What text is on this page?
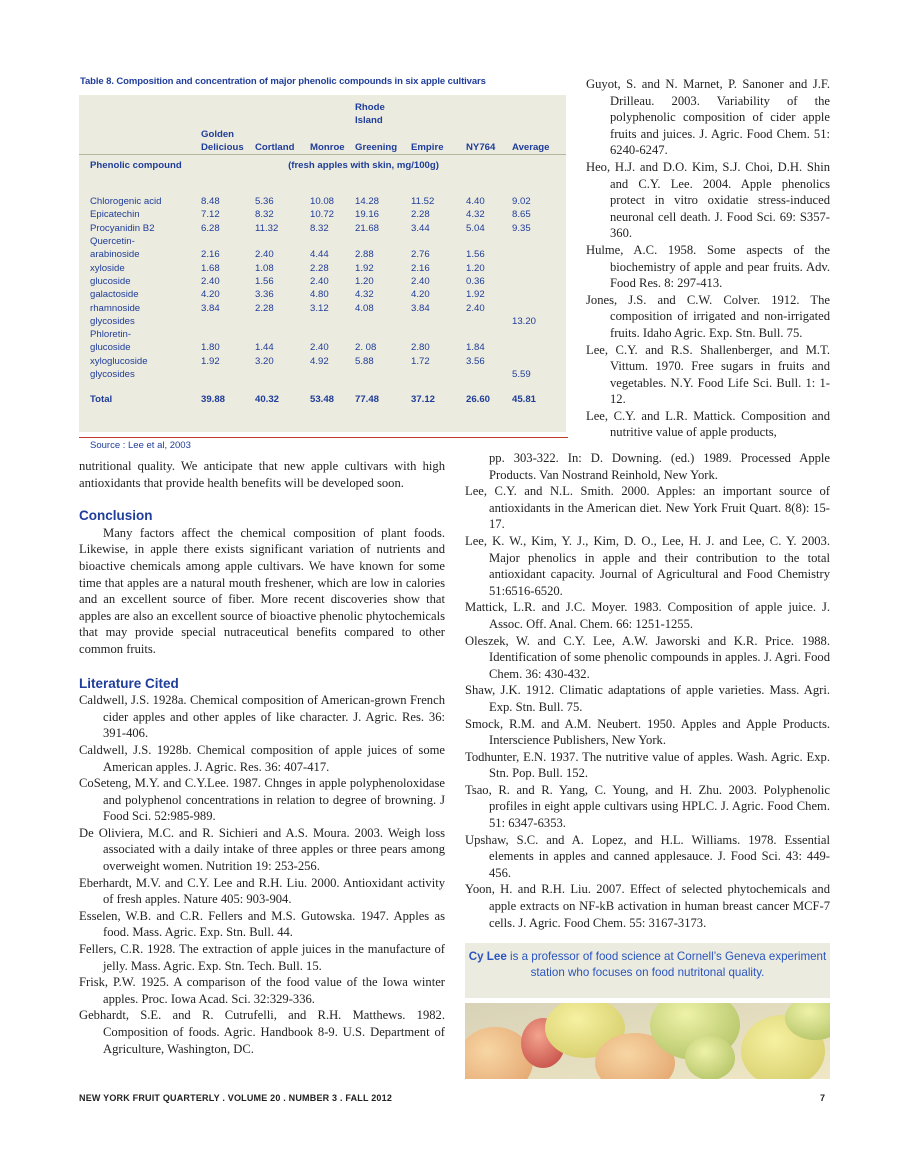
Table 8. Composition and concentration of major phenolic compounds in six apple cultivars

				Rhode			
				Island			
	Golden						
	Delicious	Cortland	Monroe	Greening	Empire	NY764	Average
Phenolic compound	(fresh apples with skin, mg/100g)						

Chlorogenic acid	8.48	5.36	10.08	14.28	11.52	4.40	9.02
Epicatechin	7.12	8.32	10.72	19.16	2.28	4.32	8.65
Procyanidin B2	6.28	11.32	8.32	21.68	3.44	5.04	9.35
Quercetin-							
arabinoside	2.16	2.40	4.44	2.88	2.76	1.56	
xyloside	1.68	1.08	2.28	1.92	2.16	1.20	
glucoside	2.40	1.56	2.40	1.20	2.40	0.36	
galactoside	4.20	3.36	4.80	4.32	4.20	1.92	
rhamnoside	3.84	2.28	3.12	4.08	3.84	2.40	
glycosides							13.20
Phloretin-							
glucoside	1.80	1.44	2.40	2. 08	2.80	1.84	
xyloglucoside	1.92	3.20	4.92	5.88	1.72	3.56	
glycosides							5.59

Total	39.88	40.32	53.48	77.48	37.12	26.60	45.81
Source : Lee et al, 2003

nutritional quality. We anticipate that new apple cultivars with high antioxidants that provide health benefits will be developed soon.

Conclusion

Many factors affect the chemical composition of plant foods. Likewise, in apple there exists significant variation of nutrients and bioactive chemicals among apple cultivars. We have known for some time that apples are a natural mouth freshener, which are low in calories and an excellent source of fiber. More recent discoveries show that apples are also an excellent source of bioactive phenolic phytochemicals that may provide special nutraceutical benefits compared to other common fruits.

Literature Cited

Caldwell, J.S. 1928a. Chemical composition of American-grown French cider apples and other apples of like character. J. Agric. Res. 36: 391-406.

Caldwell, J.S. 1928b. Chemical composition of apple juices of some American apples. J. Agric. Res. 36: 407-417.

CoSeteng, M.Y. and C.Y.Lee. 1987. Chnges in apple polyphenoloxidase and polyphenol concentrations in relation to degree of browning. J Food Sci. 52:985-989.

De Oliviera, M.C. and R. Sichieri and A.S. Moura. 2003. Weigh loss associated with a daily intake of three apples or three pears among overweight women. Nutrition 19: 253-256.

Eberhardt, M.V. and C.Y. Lee and R.H. Liu. 2000. Antioxidant activity of fresh apples. Nature 405: 903-904.

Esselen, W.B. and C.R. Fellers and M.S. Gutowska. 1947. Apples as food. Mass. Agric. Exp. Stn. Bull. 44.

Fellers, C.R. 1928. The extraction of apple juices in the manufacture of jelly. Mass. Agric. Exp. Stn. Tech. Bull. 15.

Frisk, P.W. 1925. A comparison of the food value of the Iowa winter apples. Proc. Iowa Acad. Sci. 32:329-336.

Gebhardt, S.E. and R. Cutrufelli, and R.H. Matthews. 1982. Composition of foods. Agric. Handbook 8-9. U.S. Department of Agriculture, Washington, DC.

Guyot, S. and N. Marnet, P. Sanoner and J.F. Drilleau. 2003. Variability of the polyphenolic composition of cider apple fruits and juices. J. Agric. Food Chem. 51: 6240-6247.

Heo, H.J. and D.O. Kim, S.J. Choi, D.H. Shin and C.Y. Lee. 2004. Apple phenolics protect in vitro oxidatie stress-induced neuronal cell death. J. Food Sci. 69: S357-360.

Hulme, A.C. 1958. Some aspects of the biochemistry of apple and pear fruits. Adv. Food Res. 8: 297-413.

Jones, J.S. and C.W. Colver. 1912. The composition of irrigated and non-irrigated fruits. Idaho Agric. Exp. Stn. Bull. 75.

Lee, C.Y. and R.S. Shallenberger, and M.T. Vittum. 1970. Free sugars in fruits and vegetables. N.Y. Food Life Sci. Bull. 1: 1-12.

Lee, C.Y. and L.R. Mattick. Composition and nutritive value of apple products,

pp. 303-322. In: D. Downing. (ed.) 1989. Processed Apple Products. Van Nostrand Reinhold, New York.

Lee, C.Y. and N.L. Smith. 2000. Apples: an important source of antioxidants in the American diet. New York Fruit Quart. 8(8): 15-17.

Lee, K. W., Kim, Y. J., Kim, D. O., Lee, H. J. and Lee, C. Y. 2003. Major phenolics in apple and their contribution to the total antioxidant capacity. Journal of Agricultural and Food Chemistry 51:6516-6520.

Mattick, L.R. and J.C. Moyer. 1983. Composition of apple juice. J. Assoc. Off. Anal. Chem. 66: 1251-1255.

Oleszek, W. and C.Y. Lee, A.W. Jaworski and K.R. Price. 1988. Identification of some phenolic compounds in apples. J. Agri. Food Chem. 36: 430-432.

Shaw, J.K. 1912. Climatic adaptations of apple varieties. Mass. Agri. Exp. Stn. Bull. 75.

Smock, R.M. and A.M. Neubert. 1950. Apples and Apple Products. Interscience Publishers, New York.

Todhunter, E.N. 1937. The nutritive value of apples. Wash. Agric. Exp. Stn. Pop. Bull. 152.

Tsao, R. and R. Yang, C. Young, and H. Zhu. 2003. Polyphenolic profiles in eight apple cultivars using HPLC. J. Agric. Food Chem. 51: 6347-6353.

Upshaw, S.C. and A. Lopez, and H.L. Williams. 1978. Essential elements in apples and canned applesauce. J. Food Sci. 43: 449-456.

Yoon, H. and R.H. Liu. 2007. Effect of selected phytochemicals and apple extracts on NF-kB activation in human breast cancer MCF-7 cells. J. Agric. Food Chem. 55: 3167-3173.

Cy Lee is a professor of food science at Cornell’s Geneva experiment station who focuses on food nutritonal quality.
NEW YORK FRUIT QUARTERLY . VOLUME 20 . NUMBER 3 . FALL 2012	7
